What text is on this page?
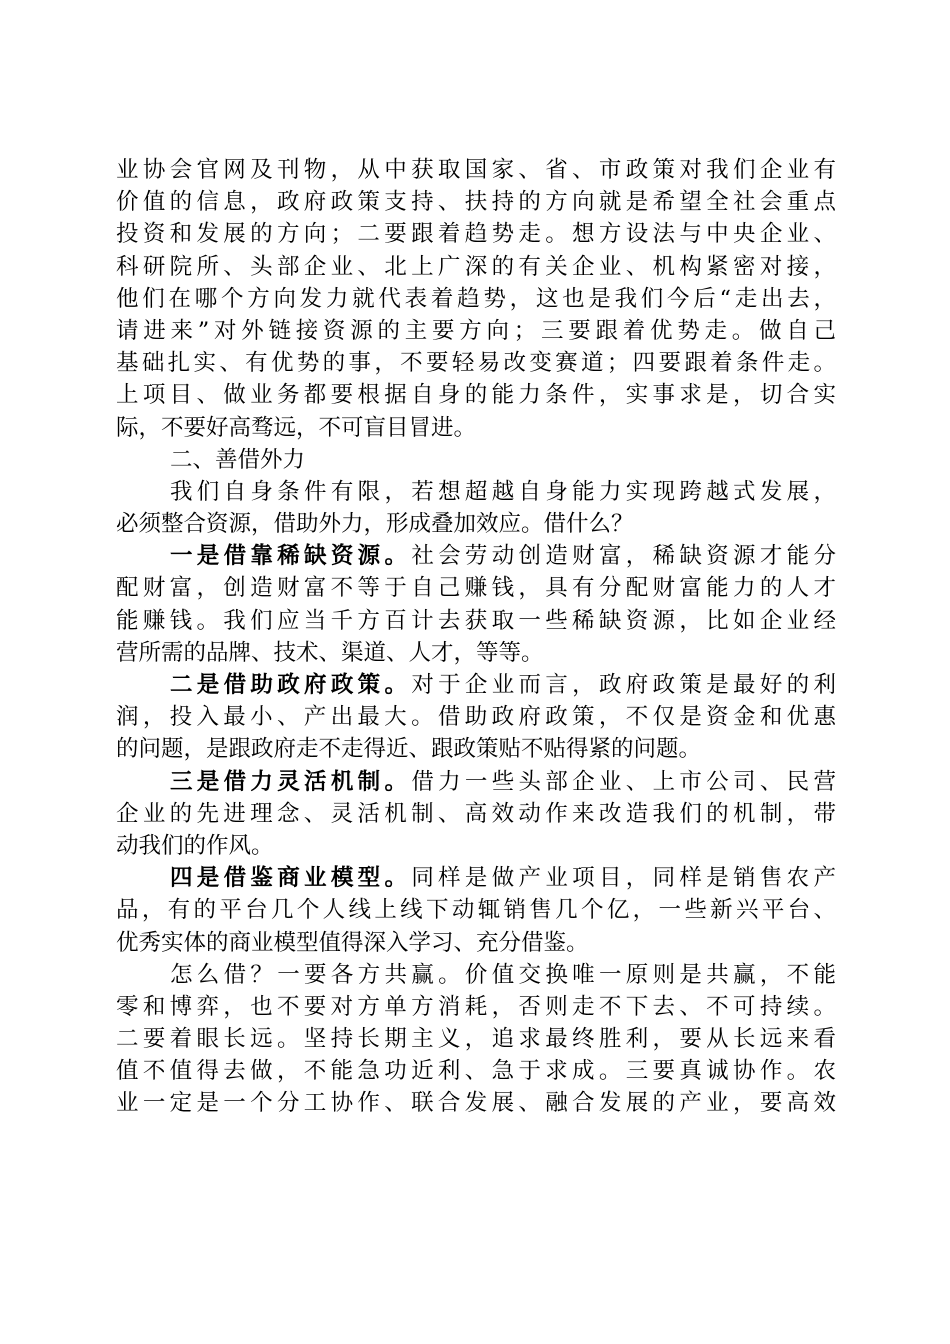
业协会官网及刊物，从中获取国家、省、市政策对我们企业有
价值的信息，政府政策支持、扶持的方向就是希望全社会重点
投资和发展的方向；二要跟着趋势走。想方设法与中央企业、
科研院所、头部企业、北上广深的有关企业、机构紧密对接，
他们在哪个方向发力就代表着趋势，这也是我们今后“走出去，
请进来”对外链接资源的主要方向；三要跟着优势走。做自己
基础扎实、有优势的事，不要轻易改变赛道；四要跟着条件走。
上项目、做业务都要根据自身的能力条件，实事求是，切合实
际，不要好高骛远，不可盲目冒进。
二、善借外力
我们自身条件有限，若想超越自身能力实现跨越式发展，
必须整合资源，借助外力，形成叠加效应。借什么？
一是借靠稀缺资源。社会劳动创造财富，稀缺资源才能分
配财富，创造财富不等于自己赚钱，具有分配财富能力的人才
能赚钱。我们应当千方百计去获取一些稀缺资源，比如企业经
营所需的品牌、技术、渠道、人才，等等。
二是借助政府政策。对于企业而言，政府政策是最好的利
润，投入最小、产出最大。借助政府政策，不仅是资金和优惠
的问题，是跟政府走不走得近、跟政策贴不贴得紧的问题。
三是借力灵活机制。借力一些头部企业、上市公司、民营
企业的先进理念、灵活机制、高效动作来改造我们的机制，带
动我们的作风。
四是借鉴商业模型。同样是做产业项目，同样是销售农产
品，有的平台几个人线上线下动辄销售几个亿，一些新兴平台、
优秀实体的商业模型值得深入学习、充分借鉴。
怎么借？一要各方共赢。价值交换唯一原则是共赢，不能
零和博弈，也不要对方单方消耗，否则走不下去、不可持续。
二要着眼长远。坚持长期主义，追求最终胜利，要从长远来看
值不值得去做，不能急功近利、急于求成。三要真诚协作。农
业一定是一个分工协作、联合发展、融合发展的产业，要高效
